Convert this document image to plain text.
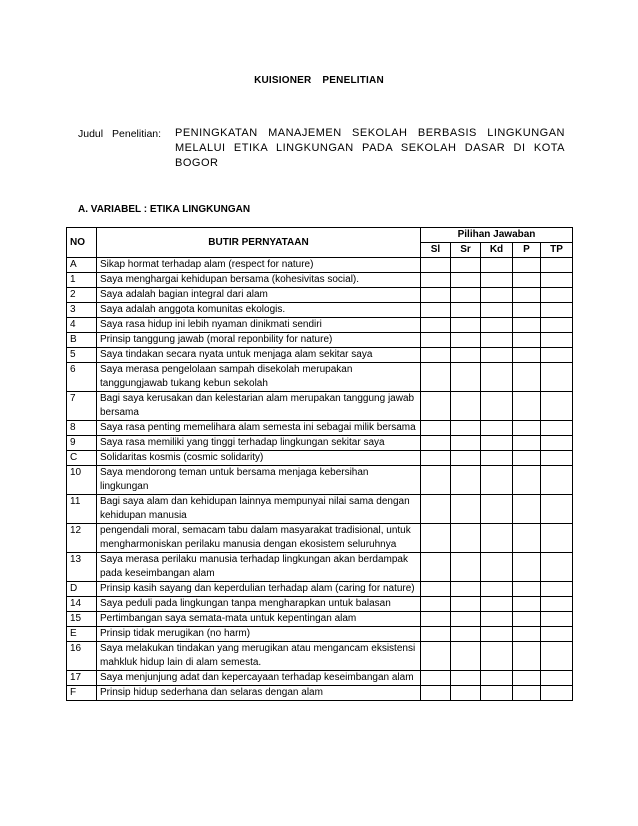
KUISIONER PENELITIAN
Judul Penelitian: PENINGKATAN MANAJEMEN SEKOLAH BERBASIS LINGKUNGAN MELALUI ETIKA LINGKUNGAN PADA SEKOLAH DASAR DI KOTA BOGOR
A. VARIABEL : ETIKA LINGKUNGAN
NO	BUTIR PERNYATAAN	Pilihan Jawaban				
		Sl	Sr	Kd	P	TP
A	Sikap hormat terhadap alam (respect for nature)					
1	Saya menghargai kehidupan bersama (kohesivitas social).					
2	Saya adalah bagian integral dari alam					
3	Saya adalah anggota komunitas ekologis.					
4	Saya rasa hidup ini lebih nyaman dinikmati sendiri					
B	Prinsip tanggung jawab (moral reponbility for nature)					
5	Saya tindakan secara nyata untuk menjaga alam sekitar saya					
6	Saya merasa pengelolaan sampah disekolah merupakan tanggungjawab tukang kebun sekolah					
7	Bagi saya kerusakan dan kelestarian alam merupakan tanggung jawab bersama					
8	Saya rasa penting memelihara alam semesta ini sebagai milik bersama					
9	Saya rasa memiliki yang tinggi terhadap lingkungan sekitar saya					
C	Solidaritas kosmis (cosmic solidarity)					
10	Saya mendorong teman untuk bersama menjaga kebersihan lingkungan					
11	Bagi saya alam dan kehidupan lainnya mempunyai nilai sama dengan kehidupan manusia					
12	pengendali moral, semacam tabu dalam masyarakat tradisional, untuk mengharmoniskan perilaku manusia dengan ekosistem seluruhnya					
13	Saya merasa perilaku manusia terhadap lingkungan akan berdampak pada keseimbangan alam					
D	Prinsip kasih sayang dan keperdulian terhadap alam (caring for nature)					
14	Saya peduli pada lingkungan tanpa mengharapkan untuk balasan					
15	Pertimbangan saya semata-mata untuk kepentingan alam					
E	Prinsip tidak merugikan (no harm)					
16	Saya melakukan tindakan yang merugikan atau mengancam eksistensi mahkluk hidup lain di alam semesta.					
17	Saya menjunjung adat dan kepercayaan terhadap keseimbangan alam					
F	Prinsip hidup sederhana dan selaras dengan alam					
